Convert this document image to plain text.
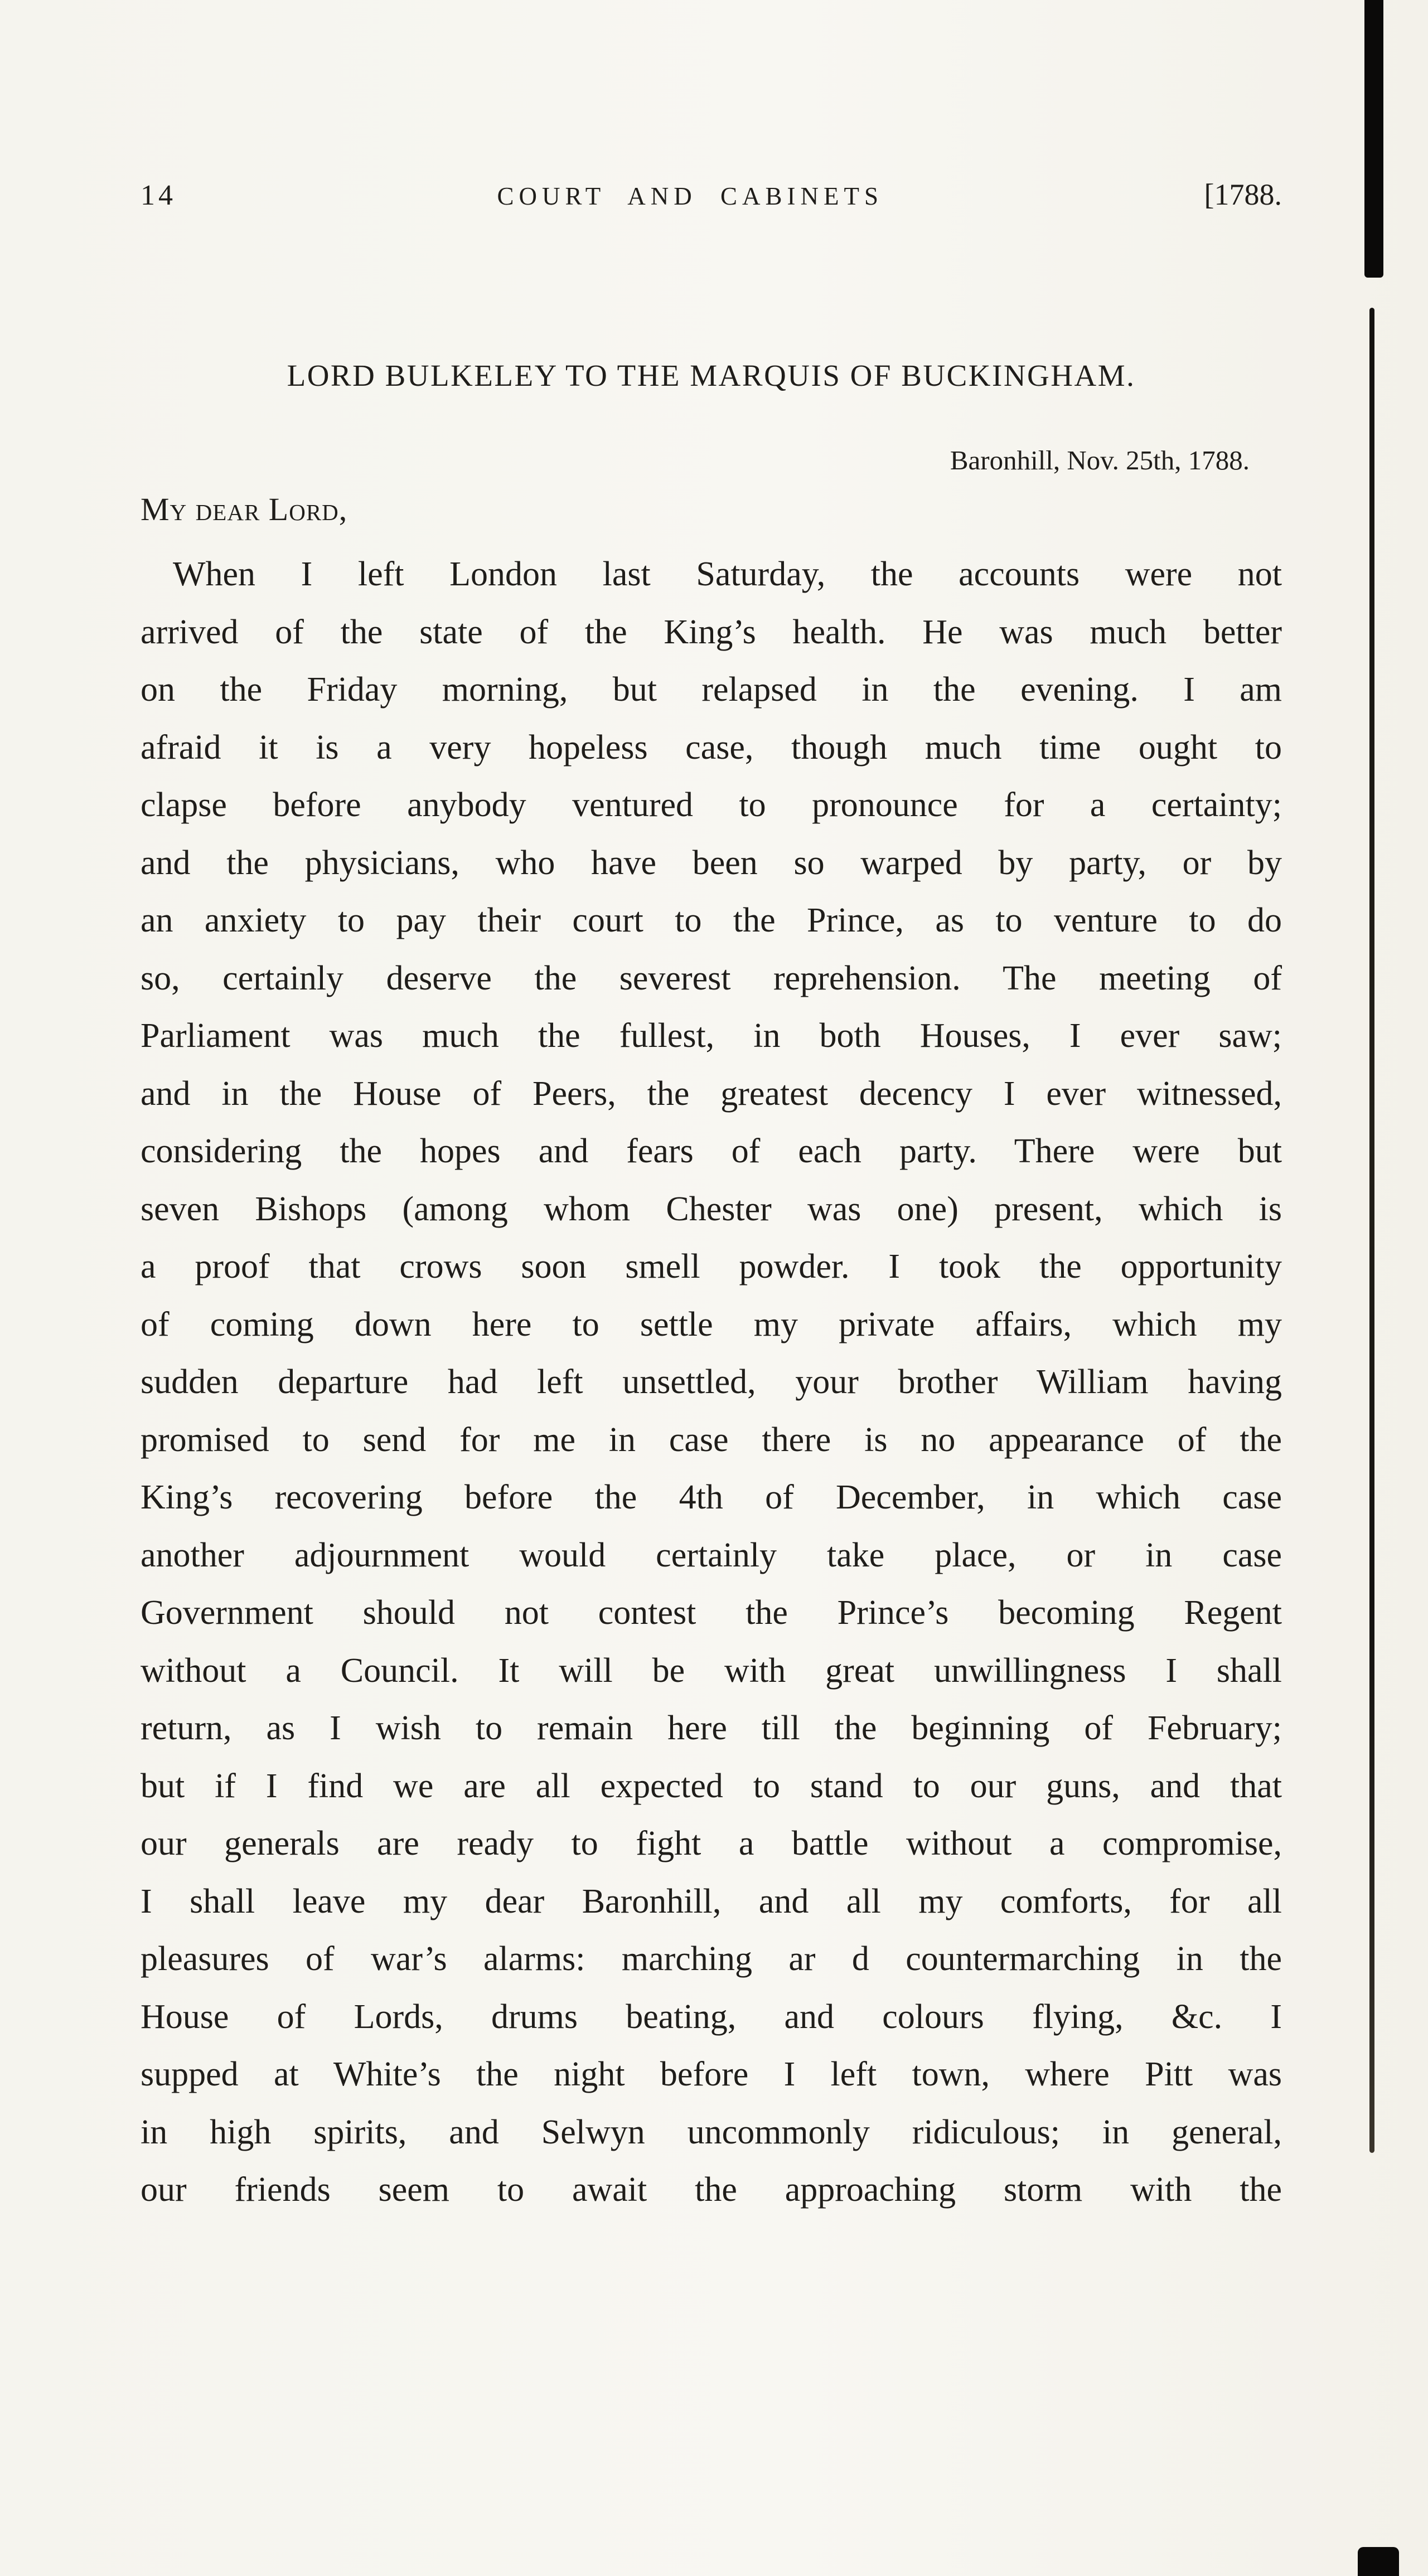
14	COURT AND CABINETS	[1788.
LORD BULKELEY TO THE MARQUIS OF BUCKINGHAM.
Baronhill, Nov. 25th, 1788.
My dear Lord,
When I left London last Saturday, the accounts were not
arrived of the state of the King’s health. He was much better
on the Friday morning, but relapsed in the evening. I am
afraid it is a very hopeless case, though much time ought to
clapse before anybody ventured to pronounce for a certainty;
and the physicians, who have been so warped by party, or by
an anxiety to pay their court to the Prince, as to venture to do
so, certainly deserve the severest reprehension. The meeting of
Parliament was much the fullest, in both Houses, I ever saw;
and in the House of Peers, the greatest decency I ever witnessed,
considering the hopes and fears of each party. There were but
seven Bishops (among whom Chester was one) present, which is
a proof that crows soon smell powder. I took the opportunity
of coming down here to settle my private affairs, which my
sudden departure had left unsettled, your brother William having
promised to send for me in case there is no appearance of the
King’s recovering before the 4th of December, in which case
another adjournment would certainly take place, or in case
Government should not contest the Prince’s becoming Regent
without a Council. It will be with great unwillingness I shall
return, as I wish to remain here till the beginning of February;
but if I find we are all expected to stand to our guns, and that
our generals are ready to fight a battle without a compromise,
I shall leave my dear Baronhill, and all my comforts, for all
pleasures of war’s alarms: marching ar d countermarching in the
House of Lords, drums beating, and colours flying, &c. I
supped at White’s the night before I left town, where Pitt was
in high spirits, and Selwyn uncommonly ridiculous; in general,
our friends seem to await the approaching storm with the
